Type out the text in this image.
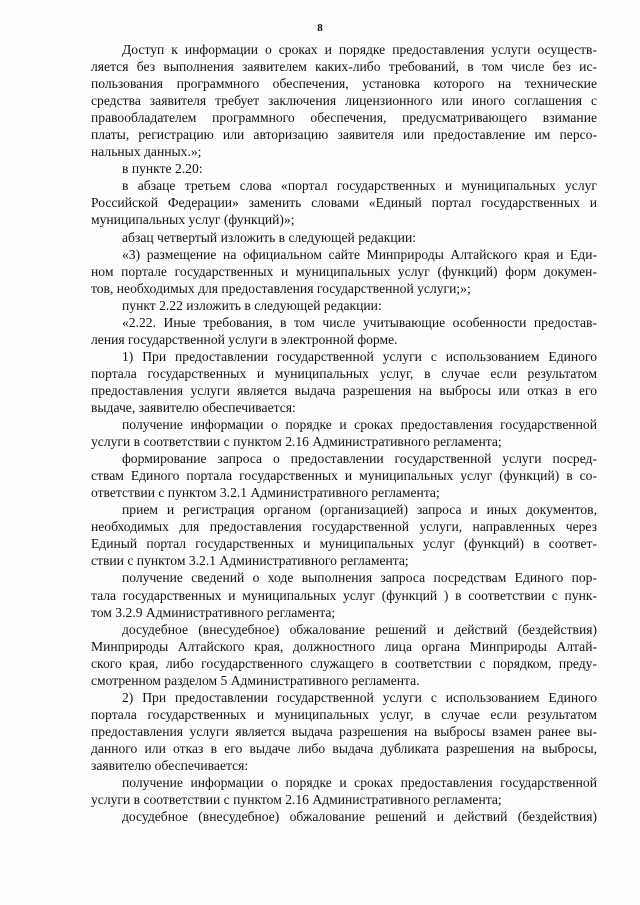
8
Доступ к информации о сроках и порядке предоставления услуги осуществ-
ляется без выполнения заявителем каких-либо требований, в том числе без ис-
пользования программного обеспечения, установка которого на технические
средства заявителя требует заключения лицензионного или иного соглашения с
правообладателем программного обеспечения, предусматривающего взимание
платы, регистрацию или авторизацию заявителя или предоставление им персо-
нальных данных.»;
в пункте 2.20:
в абзаце третьем слова «портал государственных и муниципальных услуг
Российской Федерации» заменить словами «Единый портал государственных и
муниципальных услуг (функций)»;
абзац четвертый изложить в следующей редакции:
«3) размещение на официальном сайте Минприроды Алтайского края и Еди-
ном портале государственных и муниципальных услуг (функций) форм докумен-
тов, необходимых для предоставления государственной услуги;»;
пункт 2.22 изложить в следующей редакции:
«2.22. Иные требования, в том числе учитывающие особенности предостав-
ления государственной услуги в электронной форме.
1) При предоставлении государственной услуги с использованием Единого
портала государственных и муниципальных услуг, в случае если результатом
предоставления услуги является выдача разрешения на выбросы или отказ в его
выдаче, заявителю обеспечивается:
получение информации о порядке и сроках предоставления государственной
услуги в соответствии с пунктом 2.16 Административного регламента;
формирование запроса о предоставлении государственной услуги посред-
ствам Единого портала государственных и муниципальных услуг (функций) в со-
ответствии с пунктом 3.2.1 Административного регламента;
прием и регистрация органом (организацией) запроса и иных документов,
необходимых для предоставления государственной услуги, направленных через
Единый портал государственных и муниципальных услуг (функций) в соответ-
ствии с пунктом 3.2.1 Административного регламента;
получение сведений о ходе выполнения запроса посредствам Единого пор-
тала государственных и муниципальных услуг (функций ) в соответствии с пунк-
том 3.2.9 Административного регламента;
досудебное (внесудебное) обжалование решений и действий (бездействия)
Минприроды Алтайского края, должностного лица органа Минприроды Алтай-
ского края, либо государственного служащего в соответствии с порядком, преду-
смотренном разделом 5 Административного регламента.
2) При предоставлении государственной услуги с использованием Единого
портала государственных и муниципальных услуг, в случае если результатом
предоставления услуги является выдача разрешения на выбросы взамен ранее вы-
данного или отказ в его выдаче либо выдача дубликата разрешения на выбросы,
заявителю обеспечивается:
получение информации о порядке и сроках предоставления государственной
услуги в соответствии с пунктом 2.16 Административного регламента;
досудебное (внесудебное) обжалование решений и действий (бездействия)
